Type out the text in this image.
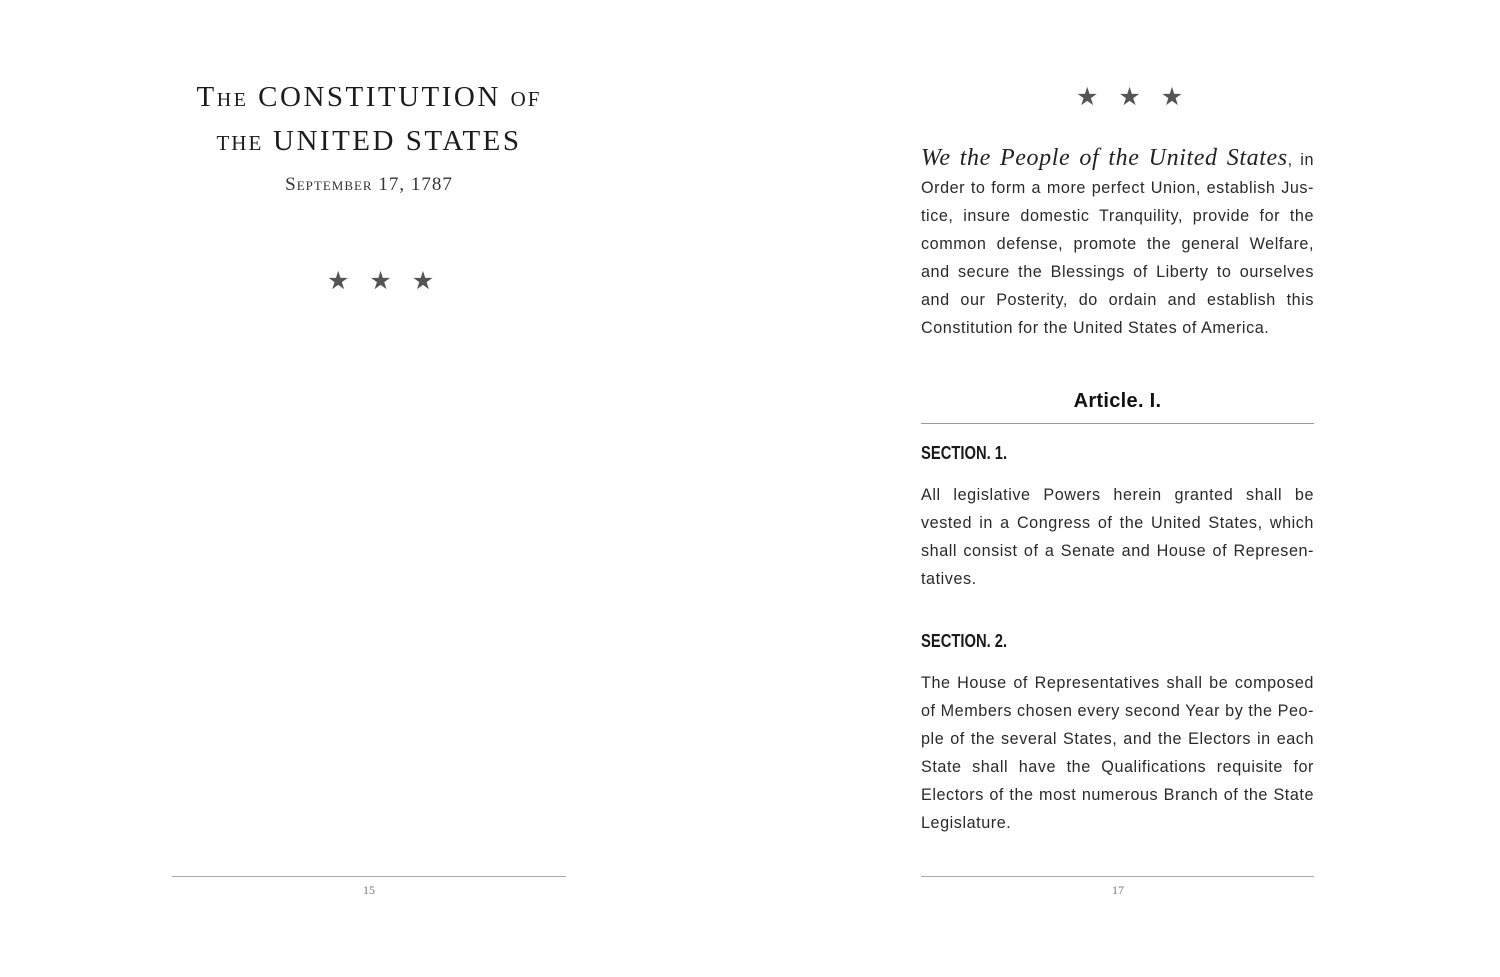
The CONSTITUTION OF
THE UNITED STATES
September 17, 1787
★ ★ ★
15
★ ★ ★

We the People of the United States, in Order to form a more perfect Union, establish Jus-tice, insure domestic Tranquility, provide for the common defense, promote the general Welfare, and secure the Blessings of Liberty to ourselves and our Posterity, do ordain and establish this Constitution for the United States of America.

Article. I.
SECTION. 1.

All legislative Powers herein granted shall be vested in a Congress of the United States, which shall consist of a Senate and House of Represen-tatives.

SECTION. 2.

The House of Representatives shall be composed of Members chosen every second Year by the Peo-ple of the several States, and the Electors in each State shall have the Qualifications requisite for Electors of the most numerous Branch of the State Legislature.

17
